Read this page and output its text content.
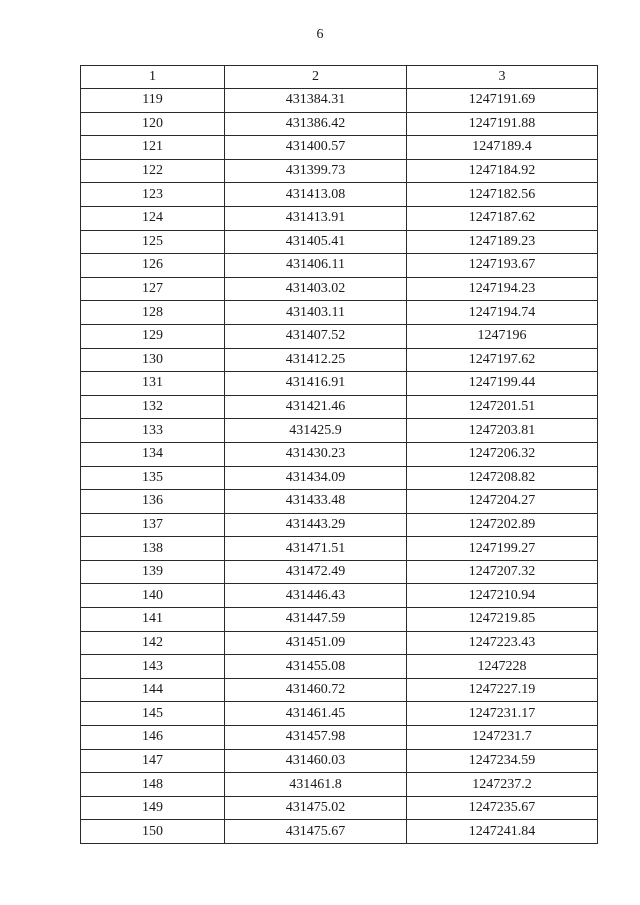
6
1	2	3
119	431384.31	1247191.69
120	431386.42	1247191.88
121	431400.57	1247189.4
122	431399.73	1247184.92
123	431413.08	1247182.56
124	431413.91	1247187.62
125	431405.41	1247189.23
126	431406.11	1247193.67
127	431403.02	1247194.23
128	431403.11	1247194.74
129	431407.52	1247196
130	431412.25	1247197.62
131	431416.91	1247199.44
132	431421.46	1247201.51
133	431425.9	1247203.81
134	431430.23	1247206.32
135	431434.09	1247208.82
136	431433.48	1247204.27
137	431443.29	1247202.89
138	431471.51	1247199.27
139	431472.49	1247207.32
140	431446.43	1247210.94
141	431447.59	1247219.85
142	431451.09	1247223.43
143	431455.08	1247228
144	431460.72	1247227.19
145	431461.45	1247231.17
146	431457.98	1247231.7
147	431460.03	1247234.59
148	431461.8	1247237.2
149	431475.02	1247235.67
150	431475.67	1247241.84
